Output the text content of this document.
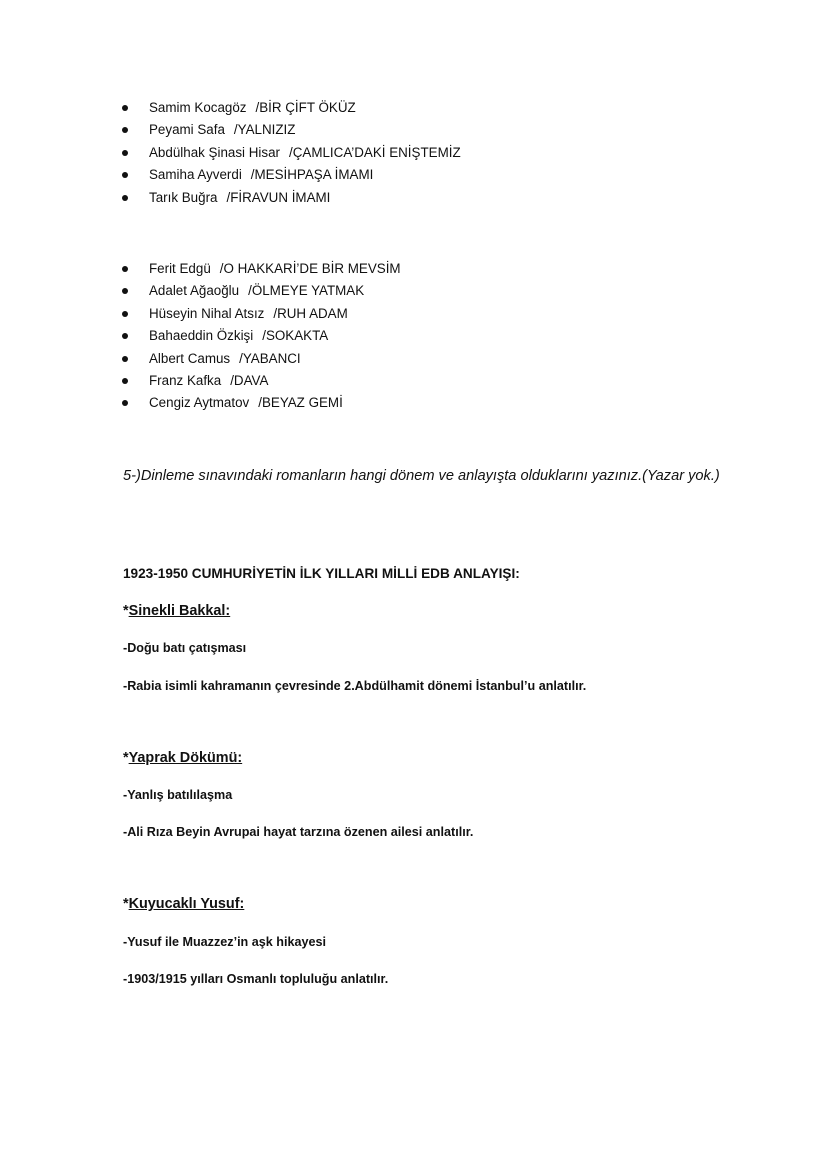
Samim Kocagöz /BİR ÇİFT ÖKÜZ
Peyami Safa /YALNIZIZ
Abdülhak Şinasi Hisar /ÇAMLICA’DAKİ ENİŞTEMİZ
Samiha Ayverdi /MESİHPAŞA İMAMI
Tarık Buğra /FİRAVUN İMAMI
Ferit Edgü /O HAKKARİ’DE BİR MEVSİM
Adalet Ağaoğlu /ÖLMEYE YATMAK
Hüseyin Nihal Atsız /RUH ADAM
Bahaeddin Özkişi /SOKAKTA
Albert Camus /YABANCI
Franz Kafka /DAVA
Cengiz Aytmatov /BEYAZ GEMİ
5-)Dinleme sınavındaki romanların hangi dönem ve anlayışta olduklarını yazınız.(Yazar yok.)
1923-1950 CUMHURİYETİN İLK YILLARI MİLLİ EDB ANLAYIŞI:
*Sinekli Bakkal:
-Doğu batı çatışması
-Rabia isimli kahramanın çevresinde 2.Abdülhamit dönemi İstanbul’u anlatılır.
*Yaprak Dökümü:
-Yanlış batılılaşma
-Ali Rıza Beyin Avrupai hayat tarzına özenen ailesi anlatılır.
*Kuyucaklı Yusuf:
-Yusuf ile Muazzez’in aşk hikayesi
-1903/1915 yılları Osmanlı topluluğu anlatılır.
